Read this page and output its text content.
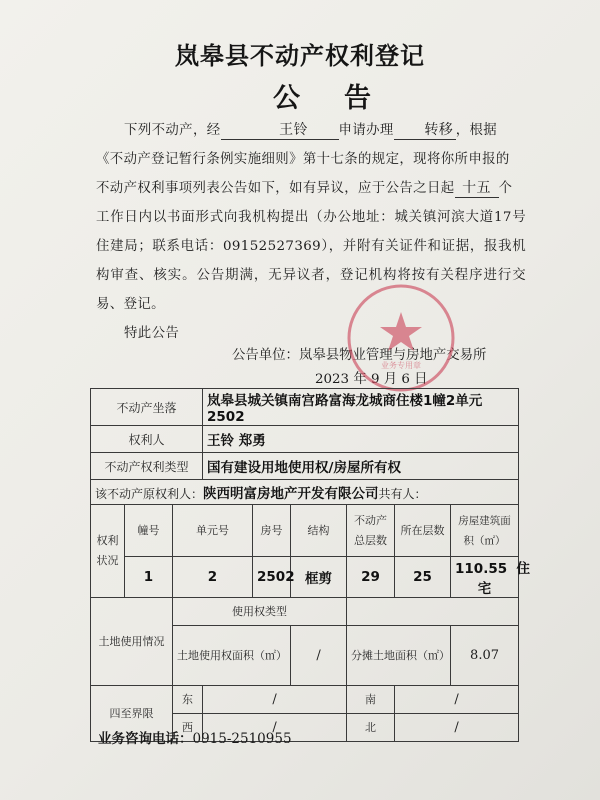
岚皋县不动产权利登记
公告
下列不动产，经	王铃 申请办理 转移 ，根据
《不动产登记暂行条例实施细则》第十七条的规定，现将你所申报的
不动产权利事项列表公告如下，如有异议，应于公告之日起 十五 个
工作日内以书面形式向我机构提出（办公地址：城关镇河滨大道17号住建局；联系电话：09152527369），并附有关证件和证据，报我机构审查、核实。公告期满，无异议者，登记机构将按有关程序进行交易、登记。
特此公告
公告单位：岚皋县物业管理与房地产交易所
2023 年 9 月 6 日
业务专用章
不动产坐落			岚皋县城关镇南宫路富海龙城商住楼1幢2单元2502					
权利人			王铃 郑勇					
不动产权利类型			国有建设用地使用权/房屋所有权					
该不动产原权利人：陕西明富房地产开发有限公司共有人：								
权利状况	幢号	单元号		房号	结构	不动产总层数	所在层数	房屋建筑面积（㎡）
	1	2		2502	框剪	29	25	110.55 住宅
土地使用情况		使用权类型						
		土地使用权面积（㎡）			/	分摊土地面积（㎡）		8.07
四至界限		东	/			南	/	
		西	/			北	/	
业务咨询电话：0915-2510955
